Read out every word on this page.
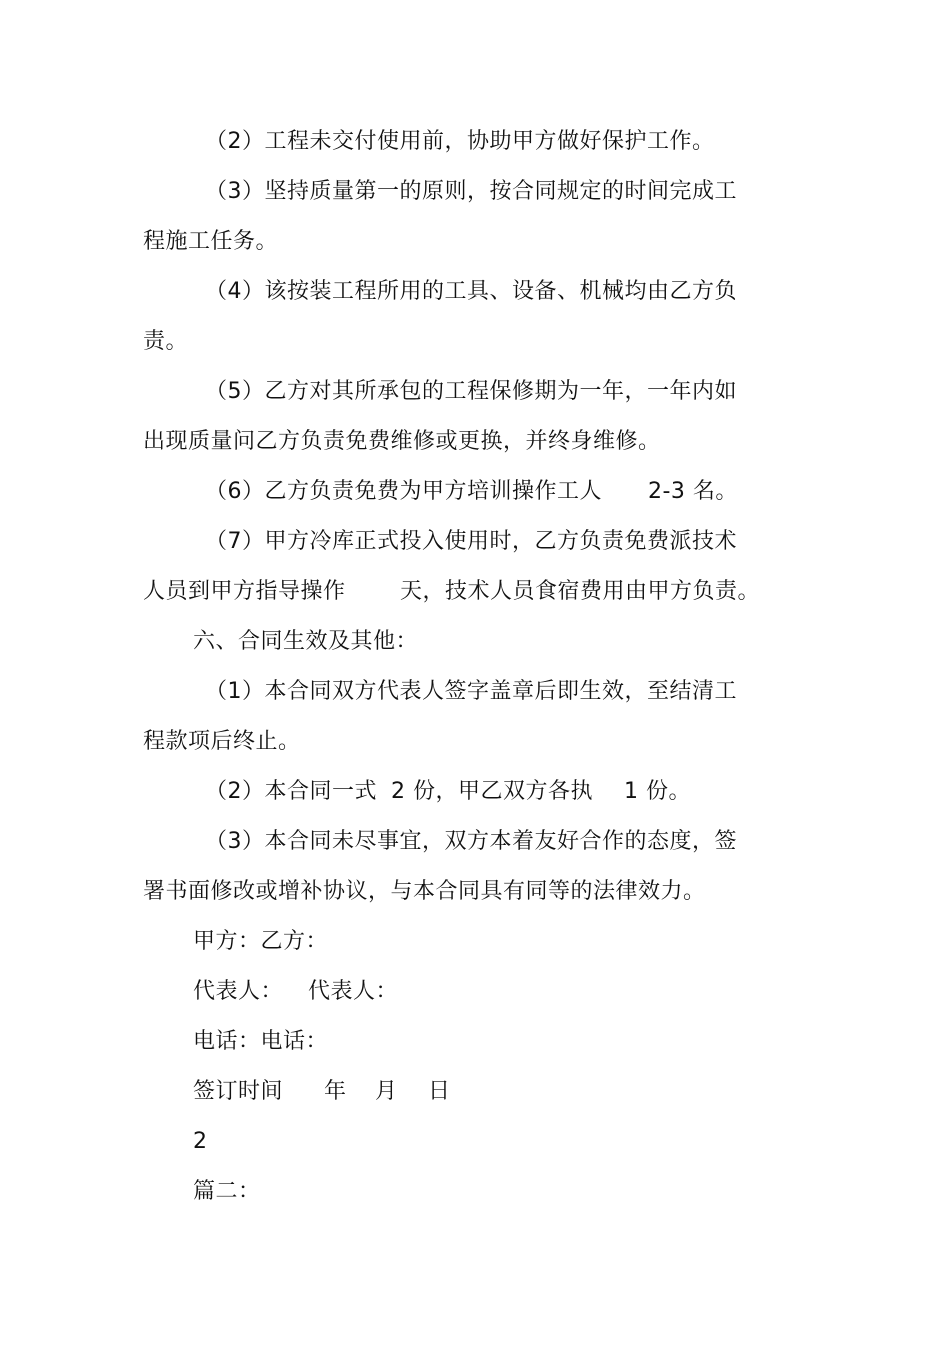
（2）工程未交付使用前，协助甲方做好保护工作。
（3）坚持质量第一的原则，按合同规定的时间完成工
程施工任务。
（4）该按装工程所用的工具、设备、机械均由乙方负
责。
（5）乙方对其所承包的工程保修期为一年，一年内如
出现质量问乙方负责免费维修或更换，并终身维修。
（6）乙方负责免费为甲方培训操作工人 2-3 名。
（7）甲方冷库正式投入使用时，乙方负责免费派技术
人员到甲方指导操作 天，技术人员食宿费用由甲方负责。
六、合同生效及其他：
（1）本合同双方代表人签字盖章后即生效，至结清工
程款项后终止。
（2）本合同一式 2 份，甲乙双方各执 1 份。
（3）本合同未尽事宜，双方本着友好合作的态度，签
署书面修改或增补协议，与本合同具有同等的法律效力。
甲方：乙方：
代表人： 代表人：
电话：电话：
签订时间 年 月 日
2
篇二：
